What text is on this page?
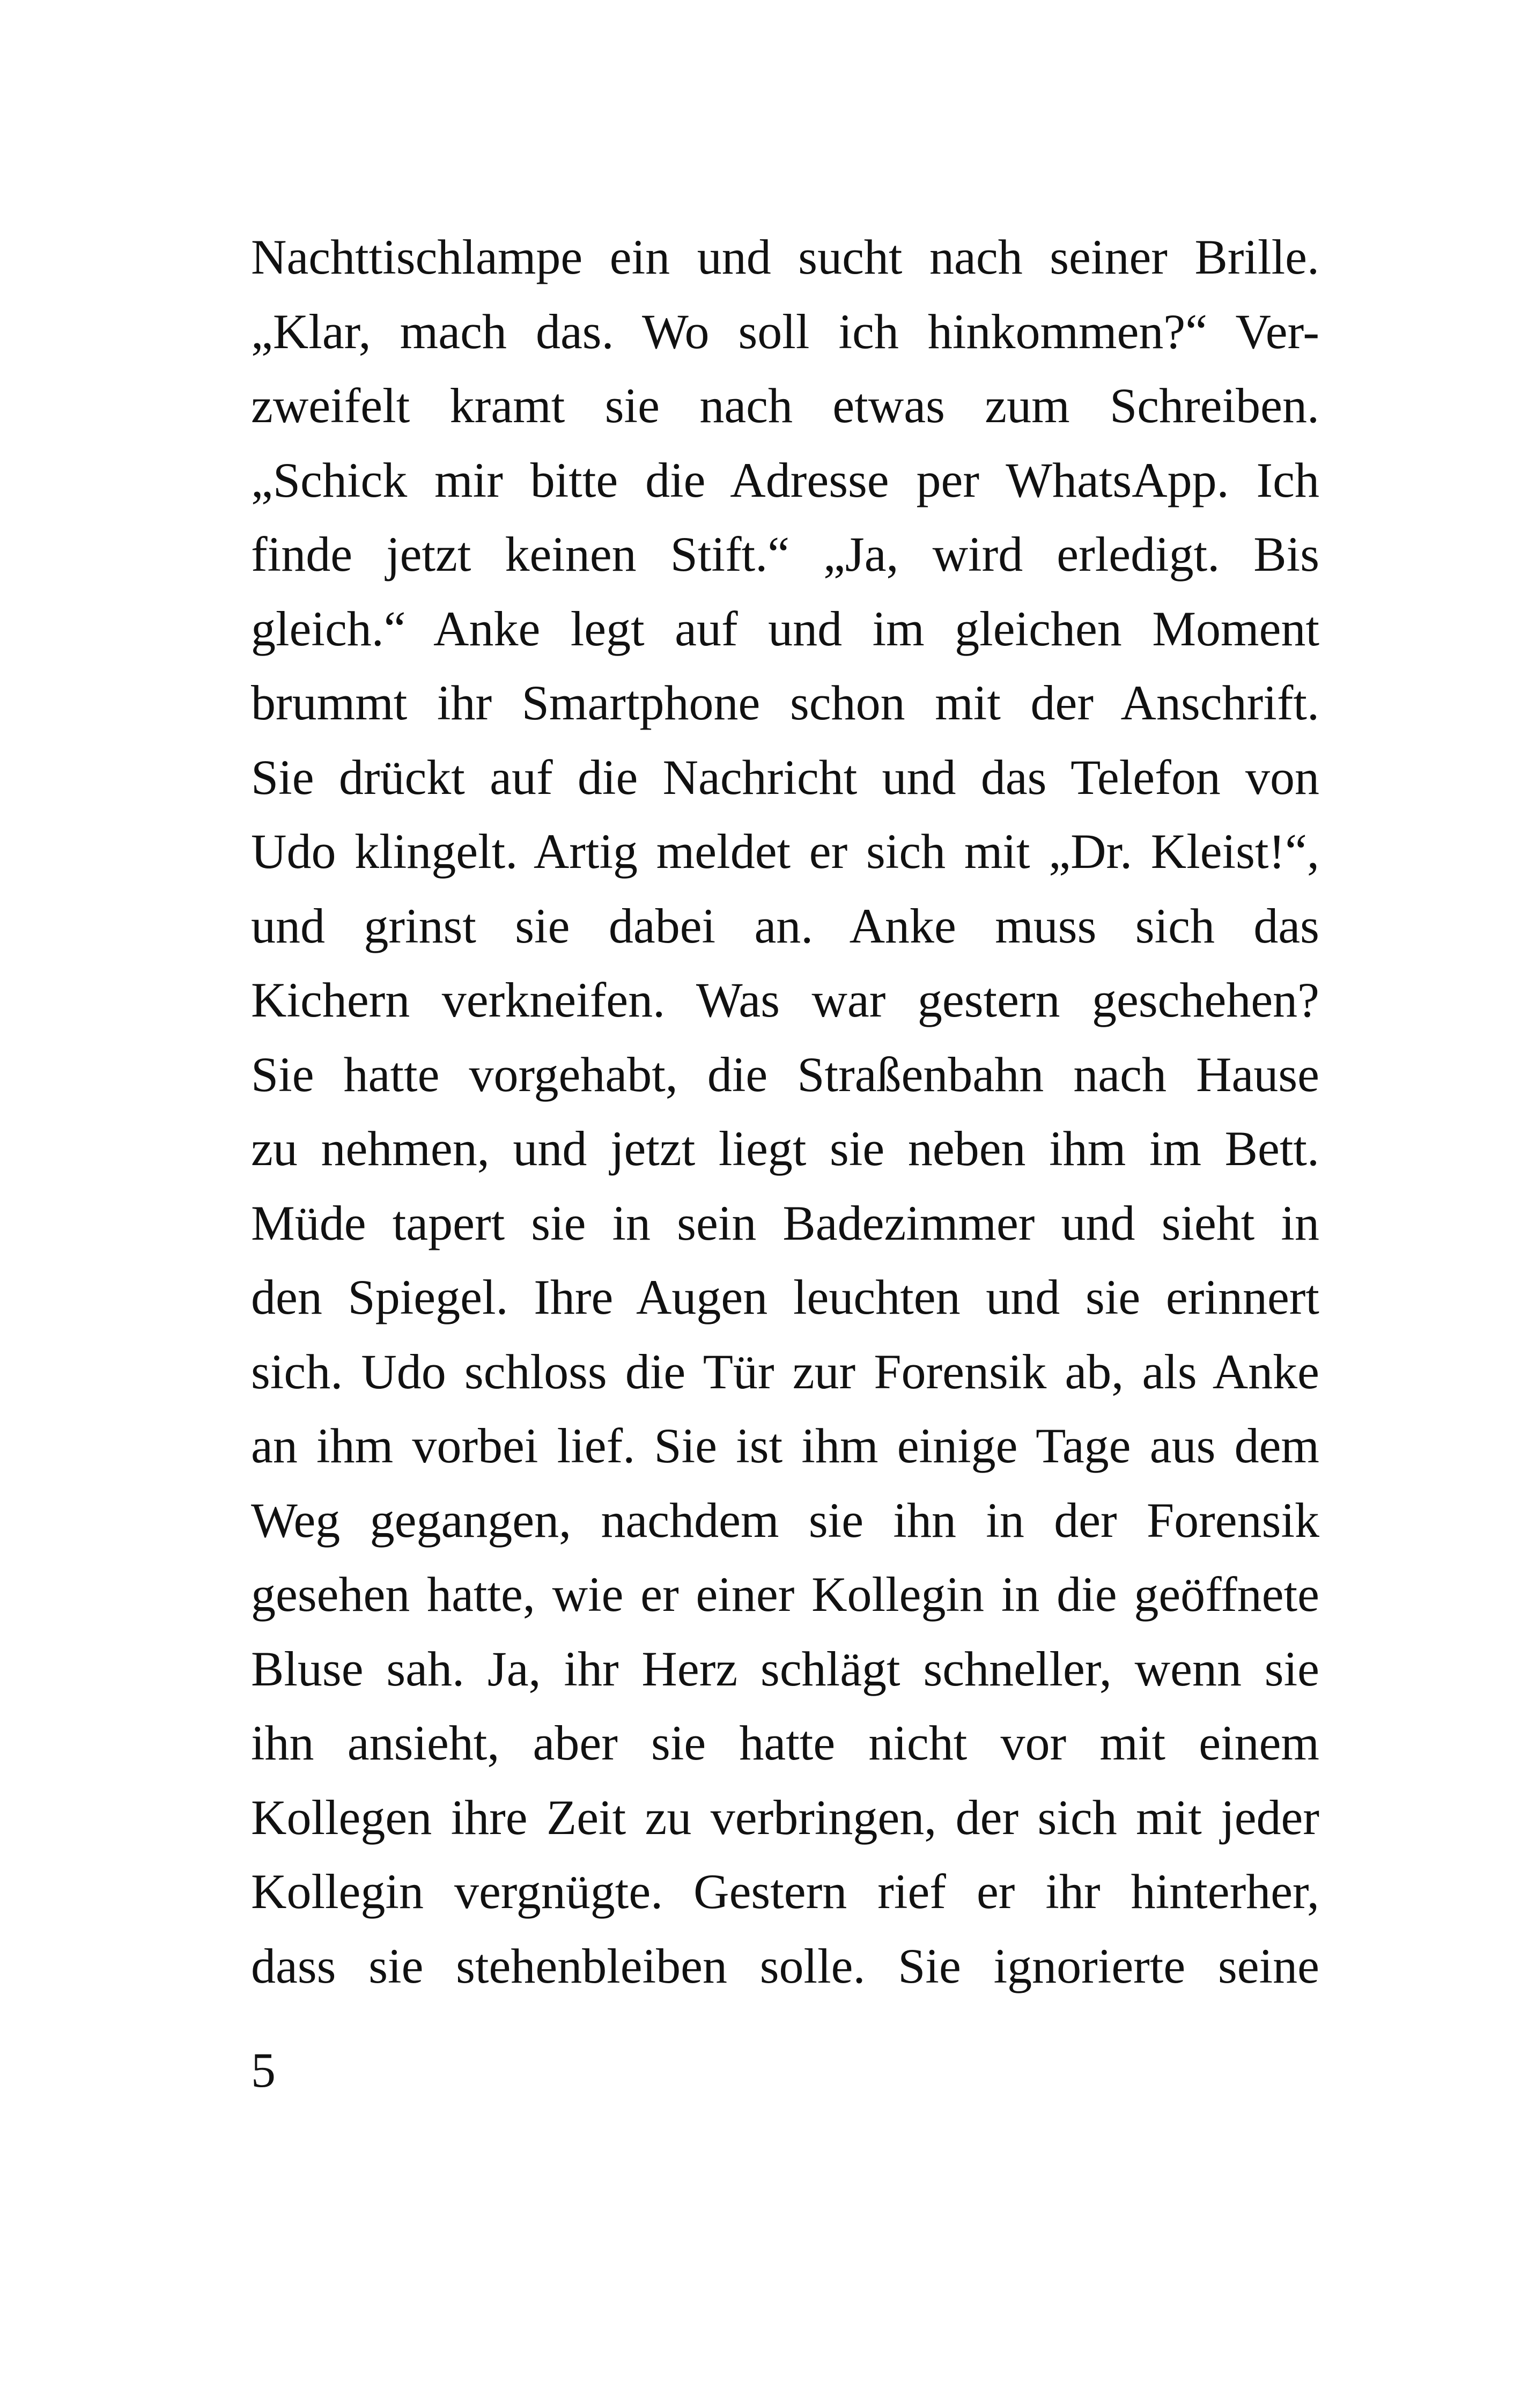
Nachttischlampe ein und sucht nach seiner Brille.
„Klar, mach das. Wo soll ich hinkommen?“ Ver-
zweifelt kramt sie nach etwas zum Schreiben.
„Schick mir bitte die Adresse per WhatsApp. Ich
finde jetzt keinen Stift.“ „Ja, wird erledigt. Bis
gleich.“ Anke legt auf und im gleichen Moment
brummt ihr Smartphone schon mit der Anschrift.
Sie drückt auf die Nachricht und das Telefon von
Udo klingelt. Artig meldet er sich mit „Dr. Kleist!“,
und grinst sie dabei an. Anke muss sich das
Kichern verkneifen. Was war gestern geschehen?
Sie hatte vorgehabt, die Straßenbahn nach Hause
zu nehmen, und jetzt liegt sie neben ihm im Bett.
Müde tapert sie in sein Badezimmer und sieht in
den Spiegel. Ihre Augen leuchten und sie erinnert
sich. Udo schloss die Tür zur Forensik ab, als Anke
an ihm vorbei lief. Sie ist ihm einige Tage aus dem
Weg gegangen, nachdem sie ihn in der Forensik
gesehen hatte, wie er einer Kollegin in die geöffnete
Bluse sah. Ja, ihr Herz schlägt schneller, wenn sie
ihn ansieht, aber sie hatte nicht vor mit einem
Kollegen ihre Zeit zu verbringen, der sich mit jeder
Kollegin vergnügte. Gestern rief er ihr hinterher,
dass sie stehenbleiben solle. Sie ignorierte seine

5
